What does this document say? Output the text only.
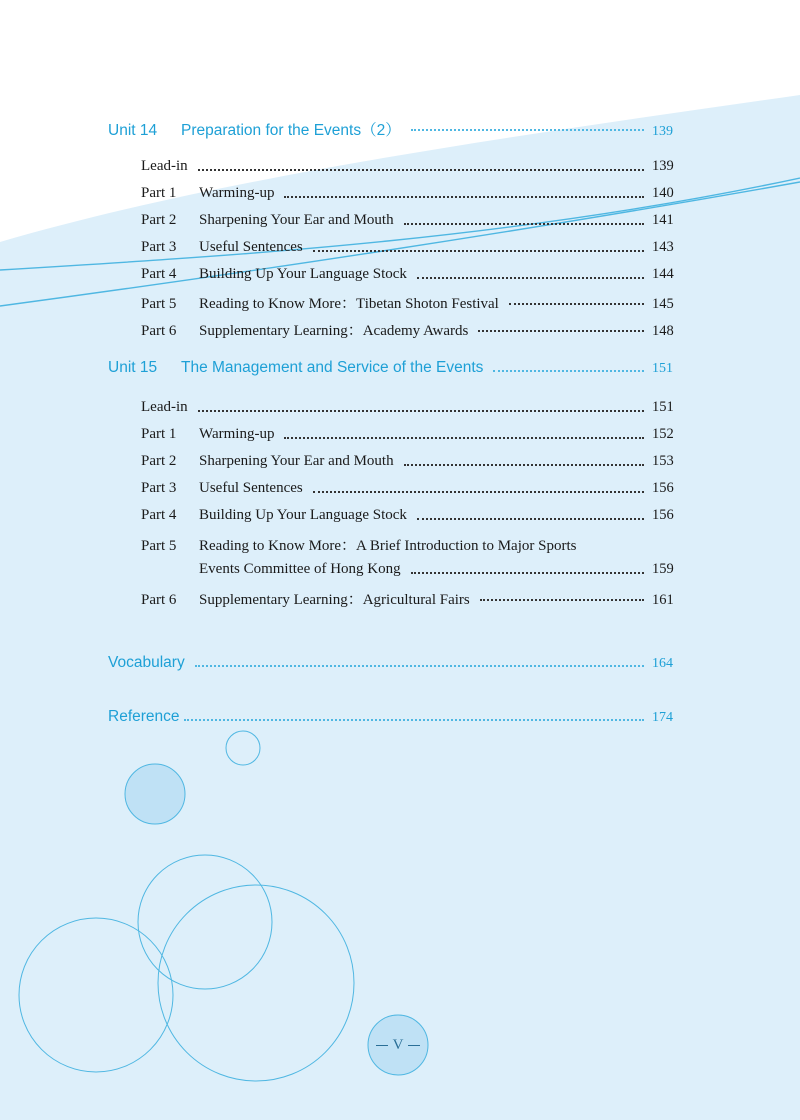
Unit 14	Preparation for the Events（2）	139
Lead-in	139
Part 1	Warming-up	140
Part 2	Sharpening Your Ear and Mouth	141
Part 3	Useful Sentences	143
Part 4	Building Up Your Language Stock	144
Part 5	Reading to Know More：Tibetan Shoton Festival	145
Part 6	Supplementary Learning：Academy Awards	148
Unit 15	The Management and Service of the Events	151
Lead-in	151
Part 1	Warming-up	152
Part 2	Sharpening Your Ear and Mouth	153
Part 3	Useful Sentences	156
Part 4	Building Up Your Language Stock	156
Part 5	Reading to Know More：A Brief Introduction to Major Sports
Events Committee of Hong Kong	159
Part 6	Supplementary Learning：Agricultural Fairs	161
Vocabulary	164
Reference	174
V
